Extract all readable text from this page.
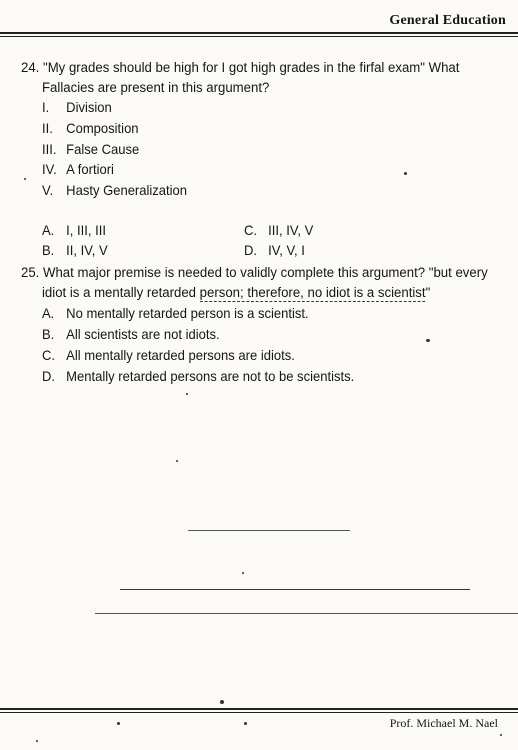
General Education
24. "My grades should be high for I got high grades in the firfal exam" What
Fallacies are present in this argument?
I. Division
II. Composition
III. False Cause
IV. A fortiori
V. Hasty Generalization
A. I, III, III
B. II, IV, V
C. III, IV, V
D. IV, V, I
25. What major premise is needed to validly complete this argument? "but every
idiot is a mentally retarded person; therefore, no idiot is a scientist"
A. No mentally retarded person is a scientist.
B. All scientists are not idiots.
C. All mentally retarded persons are idiots.
D. Mentally retarded persons are not to be scientists.
Prof. Michael M. Nael
